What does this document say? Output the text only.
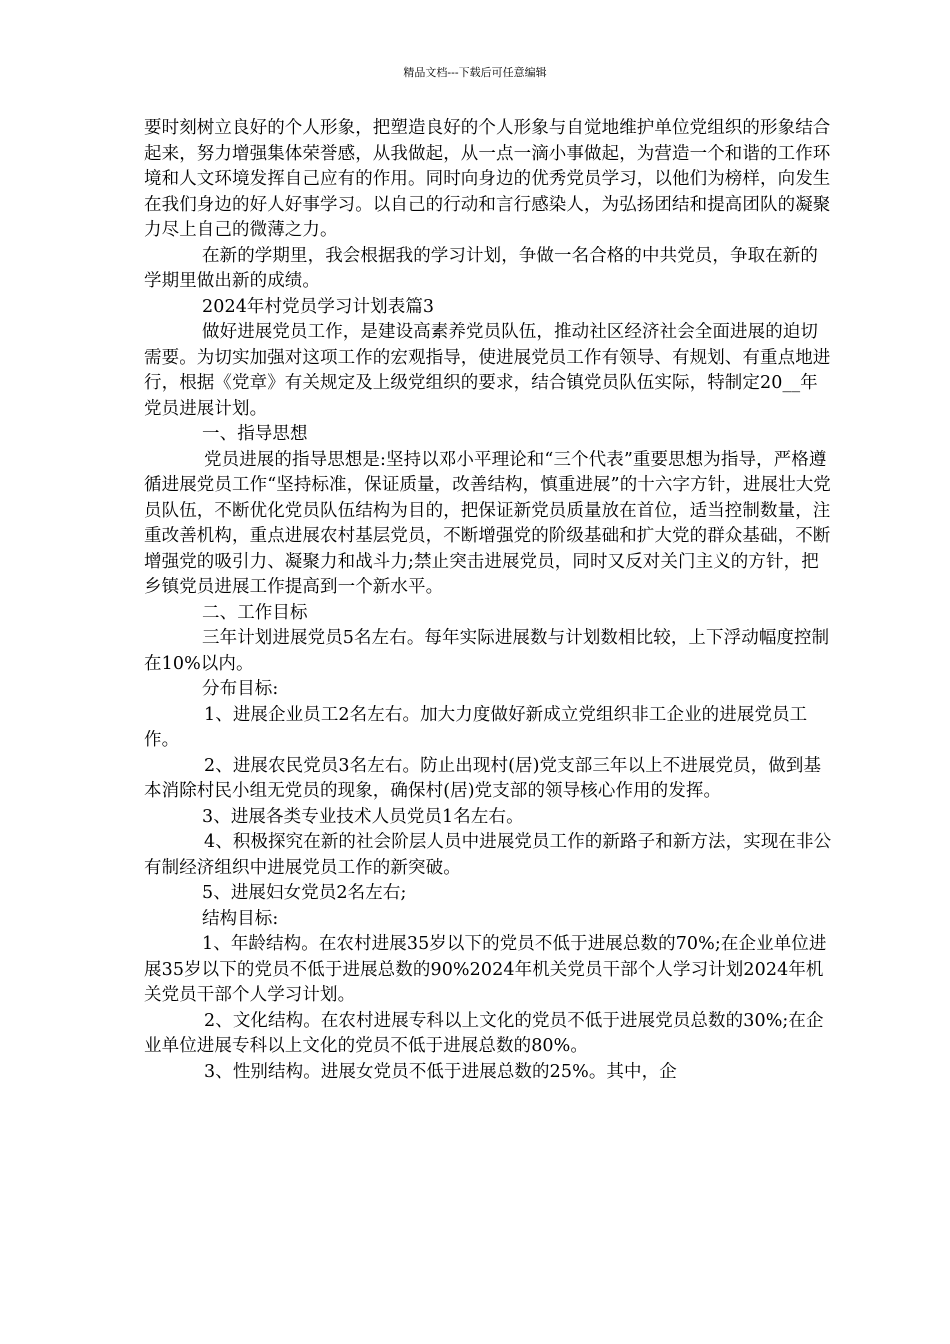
精品文档---下载后可任意编辑

要时刻树立良好的个人形象，把塑造良好的个人形象与自觉地维护单位党组织的形象结合起来，努力增强集体荣誉感，从我做起，从一点一滴小事做起，为营造一个和谐的工作环境和人文环境发挥自己应有的作用。同时向身边的优秀党员学习，以他们为榜样，向发生在我们身边的好人好事学习。以自己的行动和言行感染人，为弘扬团结和提高团队的凝聚力尽上自己的微薄之力。

在新的学期里，我会根据我的学习计划，争做一名合格的中共党员，争取在新的学期里做出新的成绩。

2024年村党员学习计划表篇3

做好进展党员工作，是建设高素养党员队伍，推动社区经济社会全面进展的迫切需要。为切实加强对这项工作的宏观指导，使进展党员工作有领导、有规划、有重点地进行，根据《党章》有关规定及上级党组织的要求，结合镇党员队伍实际，特制定20__年党员进展计划。

一、指导思想

党员进展的指导思想是:坚持以邓小平理论和“三个代表”重要思想为指导，严格遵循进展党员工作“坚持标准，保证质量，改善结构，慎重进展”的十六字方针，进展壮大党员队伍，不断优化党员队伍结构为目的，把保证新党员质量放在首位，适当控制数量，注重改善机构，重点进展农村基层党员，不断增强党的阶级基础和扩大党的群众基础，不断增强党的吸引力、凝聚力和战斗力;禁止突击进展党员，同时又反对关门主义的方针，把乡镇党员进展工作提高到一个新水平。

二、工作目标

三年计划进展党员5名左右。每年实际进展数与计划数相比较，上下浮动幅度控制在10%以内。

分布目标:

1、进展企业员工2名左右。加大力度做好新成立党组织非工企业的进展党员工作。

2、进展农民党员3名左右。防止出现村(居)党支部三年以上不进展党员，做到基本消除村民小组无党员的现象，确保村(居)党支部的领导核心作用的发挥。

3、进展各类专业技术人员党员1名左右。

4、积极探究在新的社会阶层人员中进展党员工作的新路子和新方法，实现在非公有制经济组织中进展党员工作的新突破。

5、进展妇女党员2名左右;

结构目标:

1、年龄结构。在农村进展35岁以下的党员不低于进展总数的70%;在企业单位进展35岁以下的党员不低于进展总数的90%2024年机关党员干部个人学习计划2024年机关党员干部个人学习计划。

2、文化结构。在农村进展专科以上文化的党员不低于进展党员总数的30%;在企业单位进展专科以上文化的党员不低于进展总数的80%。

3、性别结构。进展女党员不低于进展总数的25%。其中，企
